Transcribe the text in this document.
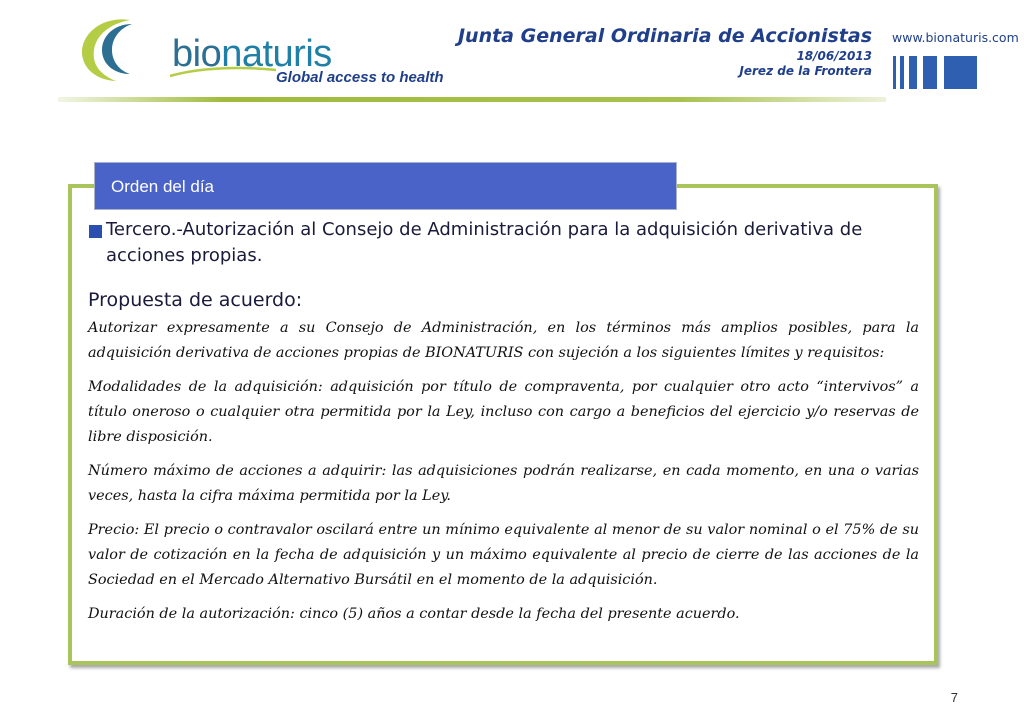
bionaturis
Global access to health
Junta General Ordinaria de Accionistas
18/06/2013
Jerez de la Frontera
www.bionaturis.com
Orden del día
Tercero.-Autorización al Consejo de Administración para la adquisición derivativa de acciones propias.
Propuesta de acuerdo:

Autorizar expresamente a su Consejo de Administración, en los términos más amplios posibles, para la adquisición derivativa de acciones propias de BIONATURIS con sujeción a los siguientes límites y requisitos:

Modalidades de la adquisición: adquisición por título de compraventa, por cualquier otro acto “intervivos” a título oneroso o cualquier otra permitida por la Ley, incluso con cargo a beneficios del ejercicio y/o reservas de libre disposición.

Número máximo de acciones a adquirir: las adquisiciones podrán realizarse, en cada momento, en una o varias veces, hasta la cifra máxima permitida por la Ley.

Precio: El precio o contravalor oscilará entre un mínimo equivalente al menor de su valor nominal o el 75% de su valor de cotización en la fecha de adquisición y un máximo equivalente al precio de cierre de las acciones de la Sociedad en el Mercado Alternativo Bursátil en el momento de la adquisición.

Duración de la autorización: cinco (5) años a contar desde la fecha del presente acuerdo.

7
